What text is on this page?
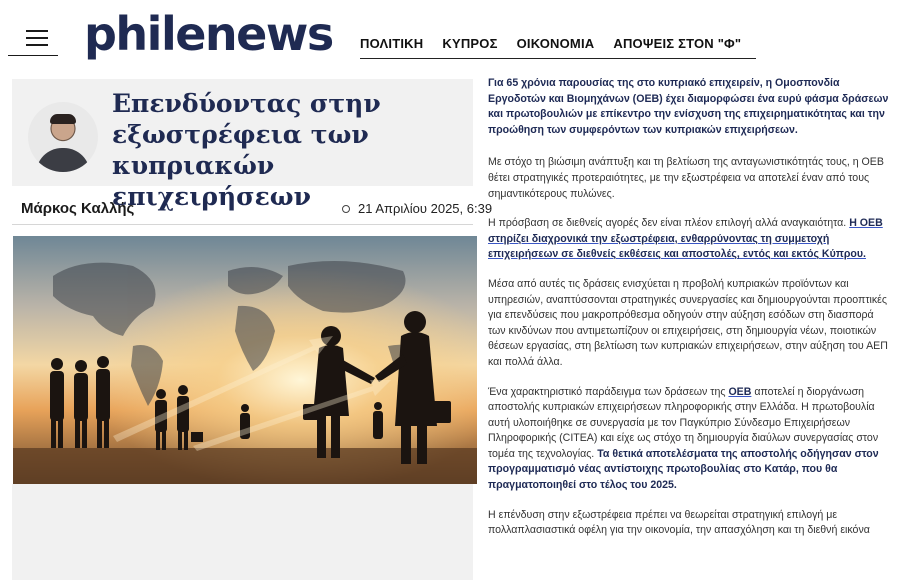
philenews ΠΟΛΙΤΙΚΗ ΚΥΠΡΟΣ ΟΙΚΟΝΟΜΙΑ ΑΠΟΨΕΙΣ ΣΤΟΝ "Φ"
Επενδύοντας στην εξωστρέφεια των κυπριακών επιχειρήσεων
Μάρκος Καλλής	21 Απριλίου 2025, 6:39

Για 65 χρόνια παρουσίας της στο κυπριακό επιχειρείν, η Ομοσπονδία Εργοδοτών και Βιομηχάνων (ΟΕΒ) έχει διαμορφώσει ένα ευρύ φάσμα δράσεων και πρωτοβουλιών με επίκεντρο την ενίσχυση της επιχειρηματικότητας και την προώθηση των συμφερόντων των κυπριακών επιχειρήσεων.

Με στόχο τη βιώσιμη ανάπτυξη και τη βελτίωση της ανταγωνιστικότητάς τους, η ΟΕΒ θέτει στρατηγικές προτεραιότητες, με την εξωστρέφεια να αποτελεί έναν από τους σημαντικότερους πυλώνες.

Η πρόσβαση σε διεθνείς αγορές δεν είναι πλέον επιλογή αλλά αναγκαιότητα. Η ΟΕΒ στηρίζει διαχρονικά την εξωστρέφεια, ενθαρρύνοντας τη συμμετοχή επιχειρήσεων σε διεθνείς εκθέσεις και αποστολές, εντός και εκτός Κύπρου.

Μέσα από αυτές τις δράσεις ενισχύεται η προβολή κυπριακών προϊόντων και υπηρεσιών, αναπτύσσονται στρατηγικές συνεργασίες και δημιουργούνται προοπτικές για επενδύσεις που μακροπρόθεσμα οδηγούν στην αύξηση εσόδων στη διασπορά των κινδύνων που αντιμετωπίζουν οι επιχειρήσεις, στη δημιουργία νέων, ποιοτικών θέσεων εργασίας, στη βελτίωση των κυπριακών επιχειρήσεων, στην αύξηση του ΑΕΠ και πολλά άλλα.

Ένα χαρακτηριστικό παράδειγμα των δράσεων της ΟΕΒ αποτελεί η διοργάνωση αποστολής κυπριακών επιχειρήσεων πληροφορικής στην Ελλάδα. Η πρωτοβουλία αυτή υλοποιήθηκε σε συνεργασία με τον Παγκύπριο Σύνδεσμο Επιχειρήσεων Πληροφορικής (CITEA) και είχε ως στόχο τη δημιουργία διαύλων συνεργασίας στον τομέα της τεχνολογίας. Τα θετικά αποτελέσματα της αποστολής οδήγησαν στον προγραμματισμό νέας αντίστοιχης πρωτοβουλίας στο Κατάρ, που θα πραγματοποιηθεί στο τέλος του 2025.

Η επένδυση στην εξωστρέφεια πρέπει να θεωρείται στρατηγική επιλογή με πολλαπλασιαστικά οφέλη για την οικονομία, την απασχόληση και τη διεθνή εικόνα
